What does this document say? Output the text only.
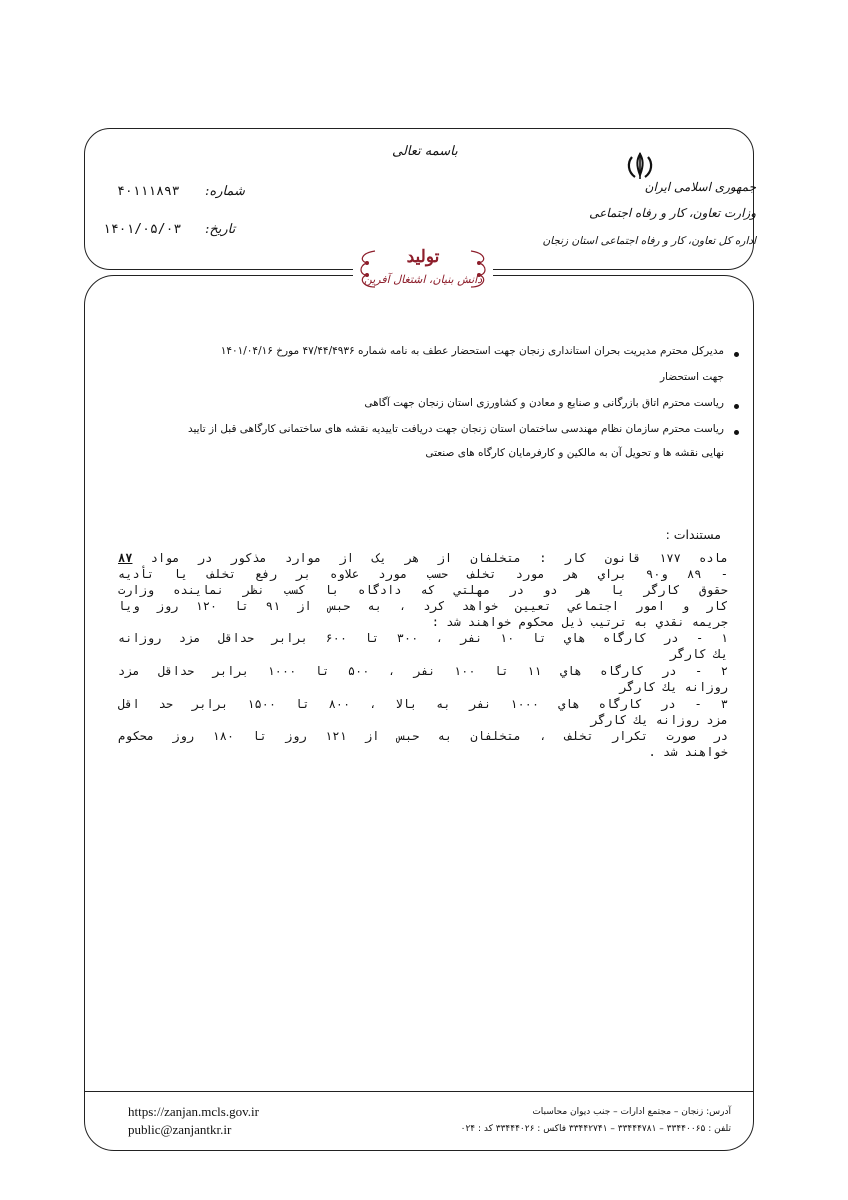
باسمه تعالی
جمهوری اسلامی ایران
وزارت تعاون، کار و رفاه اجتماعی
اداره کل تعاون، کار و رفاه اجتماعی استان زنجان
شماره:
۴۰۱۱۱۸۹۳
تاریخ:
۱۴۰۱/۰۵/۰۳
تولید
دانش بنیان، اشتغال آفرین
مدیرکل محترم مدیریت بحران استانداری زنجان جهت استحضار عطف به نامه شماره ۴۷/۴۴/۴۹۳۶ مورخ ۱۴۰۱/۰۴/۱۶
جهت استحضار
ریاست محترم اتاق بازرگانی و صنایع و معادن و کشاورزی استان زنجان جهت آگاهی
ریاست محترم سازمان نظام مهندسی ساختمان استان زنجان جهت دریافت تاییدیه نقشه های ساختمانی کارگاهی قبل از تایید
نهایی نقشه ها و تحویل آن به مالکین و کارفرمایان کارگاه های صنعتی
مستندات :
ماده ۱۷۷ قانون کار : متخلفان از هر یک از موارد مذکور در مواد ۸۷
- ۸۹ و۹۰ براي هر مورد تخلف حسب مورد علاوه بر رفع تخلف يا تأديه
حقوق كارگر يا هر دو در مهلتي كه دادگاه با كسب نظر نماينده وزارت
كار و امور اجتماعي تعيين خواهد كرد ، به حبس از ۹۱ تا ۱۲۰ روز ويا
جريمه نقدي به ترتيب ذيل محكوم خواهند شد :
۱ - در كارگاه هاي تا ۱۰ نفر ، ۳۰۰ تا ۶۰۰ برابر حداقل مزد روزانه
يك كارگر
۲ - در كارگاه هاي ۱۱ تا ۱۰۰ نفر ، ۵۰۰ تا ۱۰۰۰ برابر حداقل مزد
روزانه يك كارگر
۳ - در كارگاه هاي ۱۰۰۰ نفر به بالا ، ۸۰۰ تا ۱۵۰۰ برابر حد اقل
مزد روزانه يك كارگر
در صورت تكرار تخلف ، متخلفان به حبس از ۱۲۱ روز تا ۱۸۰ روز محكوم
خواهند شد .
https://zanjan.mcls.gov.ir
public@zanjantkr.ir
آدرس: زنجان – مجتمع ادارات – جنب ديوان محاسبات
تلفن : ۳۳۴۴۰۰۶۵ – ۳۳۴۴۴۷۸۱ – ۳۳۴۴۲۷۴۱ فاكس : ۳۳۴۴۴۰۲۶ كد : ۰۲۴
